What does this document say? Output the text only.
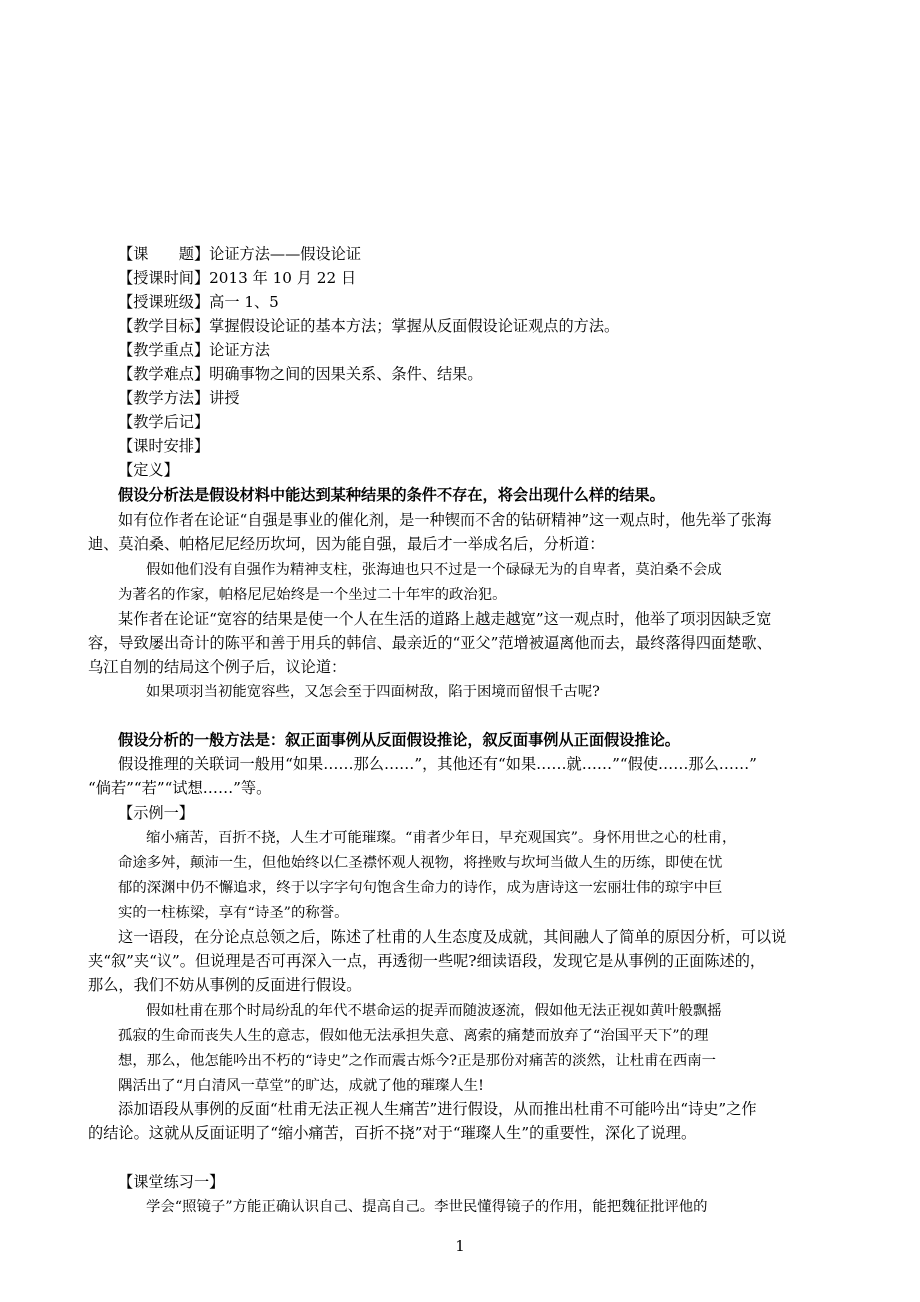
【课　　题】论证方法——假设论证
【授课时间】2013 年 10 月 22 日
【授课班级】高一 1、5
【教学目标】掌握假设论证的基本方法；掌握从反面假设论证观点的方法。
【教学重点】论证方法
【教学难点】明确事物之间的因果关系、条件、结果。
【教学方法】讲授
【教学后记】
【课时安排】
【定义】
假设分析法是假设材料中能达到某种结果的条件不存在，将会出现什么样的结果。
如有位作者在论证“自强是事业的催化剂，是一种锲而不舍的钻研精神”这一观点时，他先举了张海
迪、莫泊桑、帕格尼尼经历坎坷，因为能自强，最后才一举成名后，分析道：
假如他们没有自强作为精神支柱，张海迪也只不过是一个碌碌无为的自卑者，莫泊桑不会成
为著名的作家，帕格尼尼始终是一个坐过二十年牢的政治犯。
某作者在论证“宽容的结果是使一个人在生活的道路上越走越宽”这一观点时，他举了项羽因缺乏宽
容，导致屡出奇计的陈平和善于用兵的韩信、最亲近的“亚父”范增被逼离他而去，最终落得四面楚歌、
乌江自刎的结局这个例子后，议论道：
如果项羽当初能宽容些，又怎会至于四面树敌，陷于困境而留恨千古呢?
假设分析的一般方法是：叙正面事例从反面假设推论，叙反面事例从正面假设推论。
假设推理的关联词一般用“如果……那么……”，其他还有“如果……就……”“假使……那么……”
“倘若”“若”“试想……”等。
【示例一】
缩小痛苦，百折不挠，人生才可能璀璨。“甫者少年日，早充观国宾”。身怀用世之心的杜甫，
命途多舛，颠沛一生，但他始终以仁圣襟怀观人视物，将挫败与坎坷当做人生的历练，即使在忧
郁的深渊中仍不懈追求，终于以字字句句饱含生命力的诗作，成为唐诗这一宏丽壮伟的琼宇中巨
实的一柱栋梁，享有“诗圣”的称誉。
这一语段，在分论点总领之后，陈述了杜甫的人生态度及成就，其间融人了简单的原因分析，可以说
夹“叙”夹“议”。但说理是否可再深入一点，再透彻一些呢?细读语段，发现它是从事例的正面陈述的，
那么，我们不妨从事例的反面进行假设。
假如杜甫在那个时局纷乱的年代不堪命运的捉弄而随波逐流，假如他无法正视如黄叶般飘摇
孤寂的生命而丧失人生的意志，假如他无法承担失意、离索的痛楚而放弃了“治国平天下”的理
想，那么，他怎能吟出不朽的“诗史”之作而震古烁今?正是那份对痛苦的淡然，让杜甫在西南一
隅活出了“月白清风一草堂”的旷达，成就了他的璀璨人生!
添加语段从事例的反面“杜甫无法正视人生痛苦”进行假设，从而推出杜甫不可能吟出“诗史”之作
的结论。这就从反面证明了“缩小痛苦，百折不挠”对于“璀璨人生”的重要性，深化了说理。
【课堂练习一】
学会“照镜子”方能正确认识自己、提高自己。李世民懂得镜子的作用，能把魏征批评他的
1
